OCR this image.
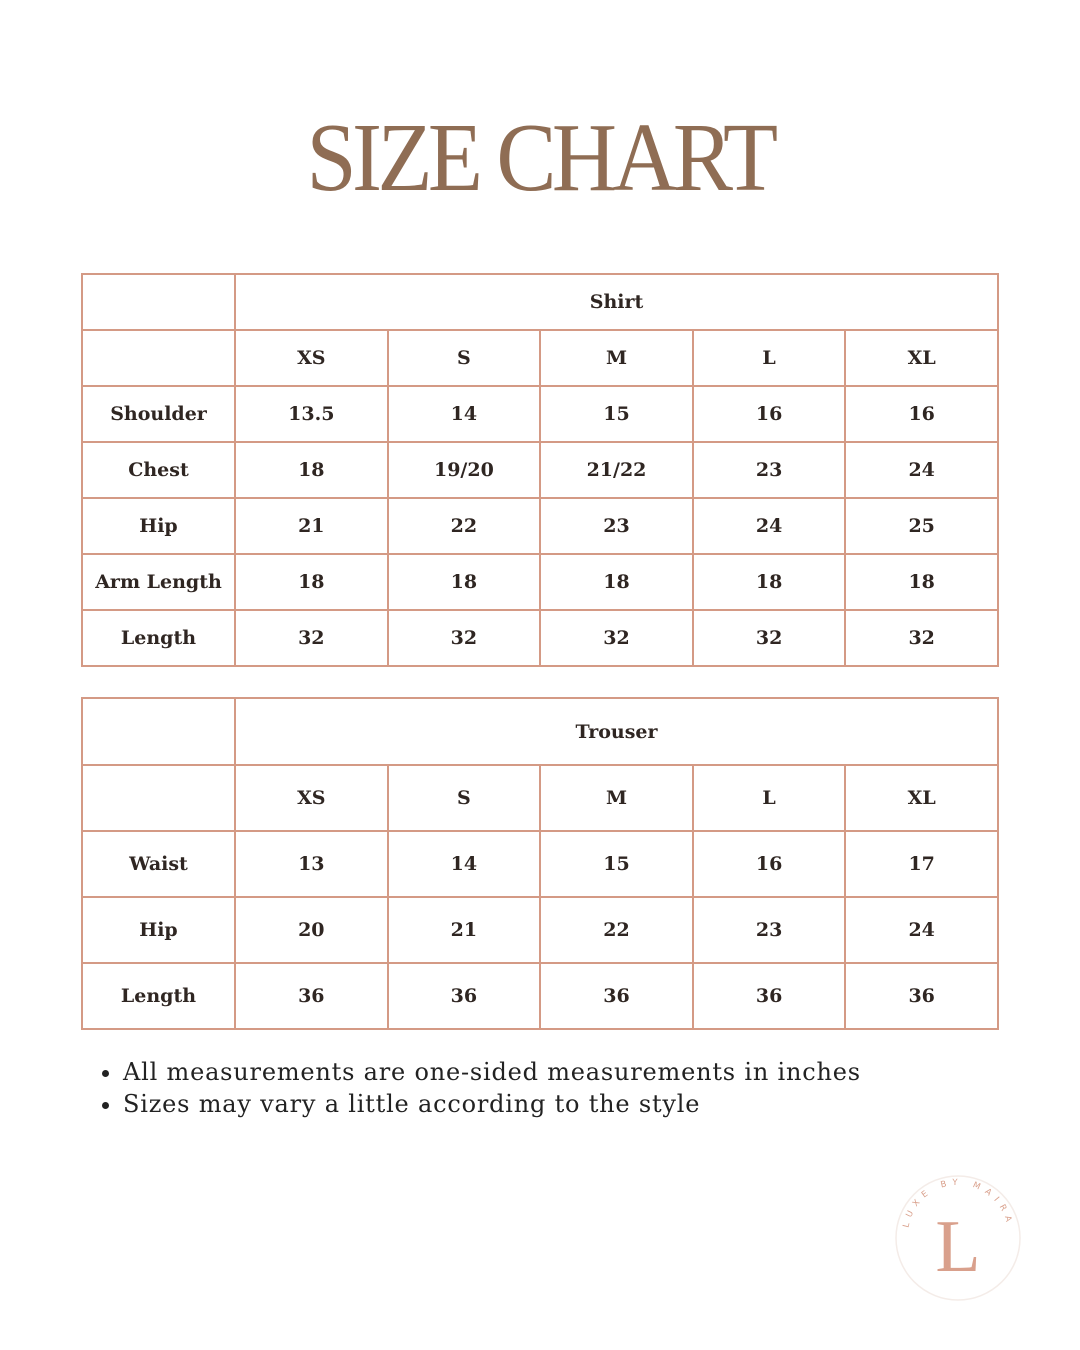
SIZE CHART
	Shirt				
	XS	S	M	L	XL
Shoulder	13.5	14	15	16	16
Chest	18	19/20	21/22	23	24
Hip	21	22	23	24	25
Arm Length	18	18	18	18	18
Length	32	32	32	32	32
	Trouser				
	XS	S	M	L	XL
Waist	13	14	15	16	17
Hip	20	21	22	23	24
Length	36	36	36	36	36
• All measurements are one-sided measurements in inches
• Sizes may vary a little according to the style
LUXE BY MAIRA
L
